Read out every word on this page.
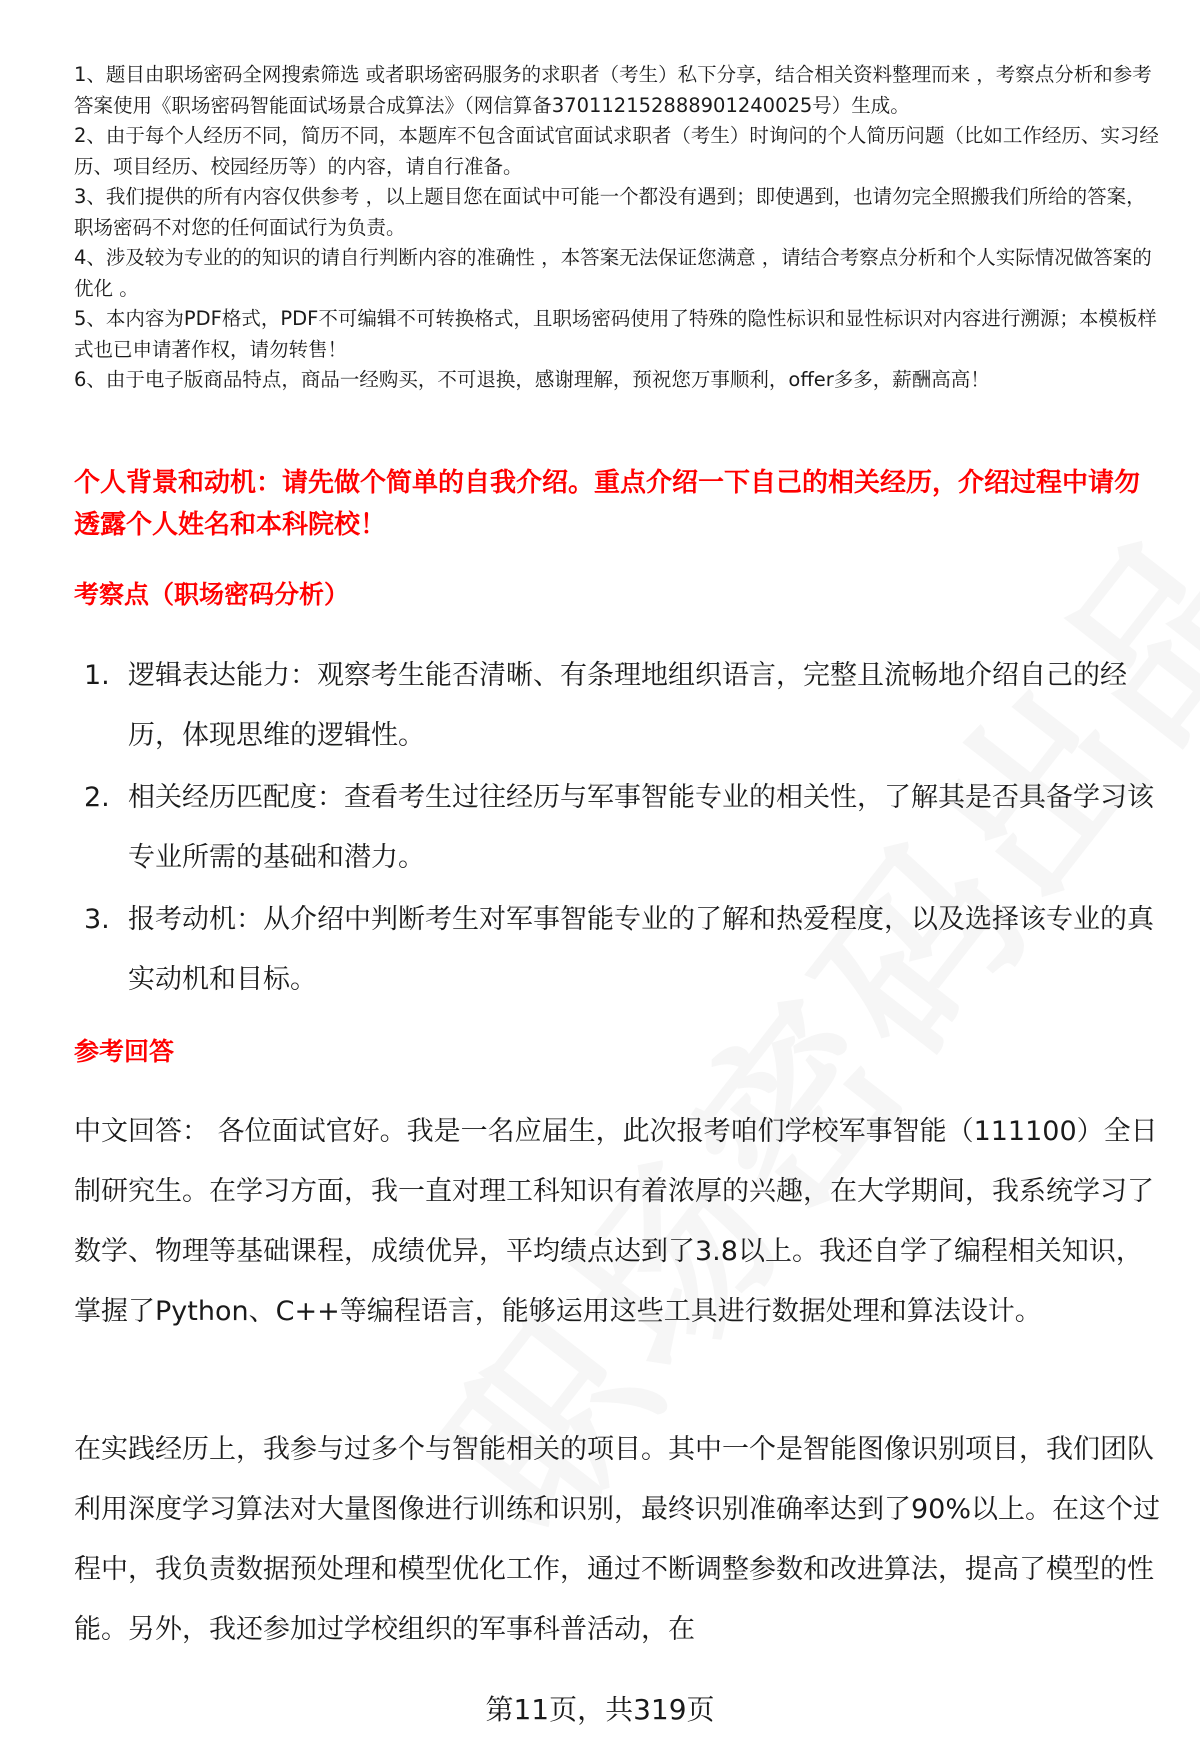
1、题目由职场密码全网搜索筛选 或者职场密码服务的求职者（考生）私下分享，结合相关资料整理而来 ，考察点分析和参考答案使用《职场密码智能面试场景合成算法》（网信算备370112152888901240025号）生成。
2、由于每个人经历不同，简历不同，本题库不包含面试官面试求职者（考生）时询问的个人简历问题（比如工作经历、实习经历、项目经历、校园经历等）的内容，请自行准备。
3、我们提供的所有内容仅供参考 ，以上题目您在面试中可能一个都没有遇到；即使遇到，也请勿完全照搬我们所给的答案，职场密码不对您的任何面试行为负责。
4、涉及较为专业的的知识的请自行判断内容的准确性 ，本答案无法保证您满意 ，请结合考察点分析和个人实际情况做答案的优化 。
5、本内容为PDF格式，PDF不可编辑不可转换格式，且职场密码使用了特殊的隐性标识和显性标识对内容进行溯源；本模板样式也已申请著作权，请勿转售！
6、由于电子版商品特点，商品一经购买，不可退换，感谢理解，预祝您万事顺利，offer多多，薪酬高高！
个人背景和动机：请先做个简单的自我介绍。重点介绍一下自己的相关经历，介绍过程中请勿透露个人姓名和本科院校！
考察点（职场密码分析）
1. 逻辑表达能力：观察考生能否清晰、有条理地组织语言，完整且流畅地介绍自己的经历，体现思维的逻辑性。
2. 相关经历匹配度：查看考生过往经历与军事智能专业的相关性，了解其是否具备学习该专业所需的基础和潜力。
3. 报考动机：从介绍中判断考生对军事智能专业的了解和热爱程度，以及选择该专业的真实动机和目标。
参考回答
中文回答： 各位面试官好。我是一名应届生，此次报考咱们学校军事智能（111100）全日制研究生。在学习方面，我一直对理工科知识有着浓厚的兴趣，在大学期间，我系统学习了数学、物理等基础课程，成绩优异，平均绩点达到了3.8以上。我还自学了编程相关知识，掌握了Python、C++等编程语言，能够运用这些工具进行数据处理和算法设计。
在实践经历上，我参与过多个与智能相关的项目。其中一个是智能图像识别项目，我们团队利用深度学习算法对大量图像进行训练和识别，最终识别准确率达到了90%以上。在这个过程中，我负责数据预处理和模型优化工作，通过不断调整参数和改进算法，提高了模型的性能。另外，我还参加过学校组织的军事科普活动，在
第11页，共319页
